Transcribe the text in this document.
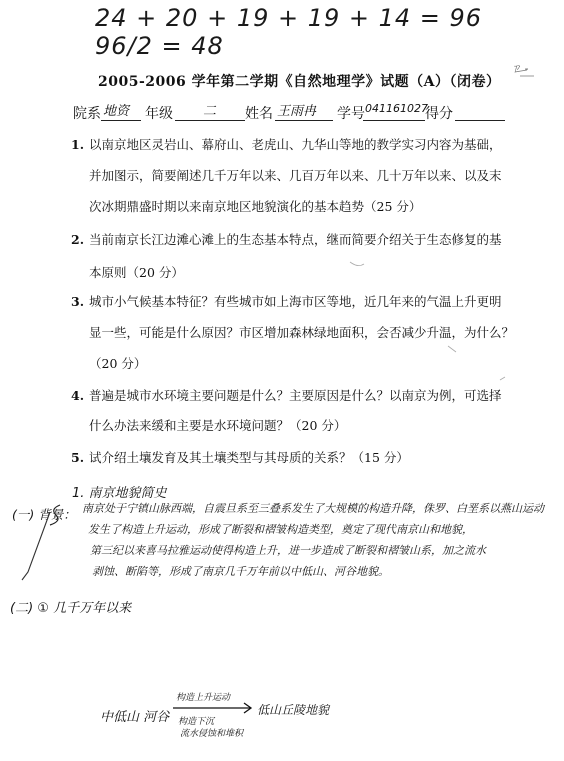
24 + 20 + 19 + 19 + 14 = 96
96/2 = 48
ㄗ -
2005-2006 学年第二学期《自然地理学》试题（A）（闭卷）
院系 地资 年级 二 姓名 王雨冉 学号 041161027
得分
1. 以南京地区灵岩山、幕府山、老虎山、九华山等地的教学实习内容为基础，
并加图示，简要阐述几千万年以来、几百万年以来、几十万年以来、以及末
次冰期鼎盛时期以来南京地区地貌演化的基本趋势（25 分）
2. 当前南京长江边滩心滩上的生态基本特点，继而简要介绍关于生态修复的基
本原则（20 分）
3. 城市小气候基本特征？有些城市如上海市区等地，近几年来的气温上升更明
显一些，可能是什么原因？市区增加森林绿地面积，会否减少升温，为什么？
（20 分）
4. 普遍是城市水环境主要问题是什么？主要原因是什么？以南京为例，可选择
什么办法来缓和主要是水环境问题？（20 分）
5. 试介绍土壤发育及其土壤类型与其母质的关系？（15 分）
1. 南京地貌简史
(一) 背景： 南京处于宁镇山脉西端，自震旦系至三叠系发生了大规模的构造升降，侏罗、白垩系以燕山运动
发生了构造上升运动，形成了断裂和褶皱构造类型，奠定了现代南京山和地貌，
第三纪以来喜马拉雅运动使得构造上升，进一步造成了断裂和褶皱山系，加之流水
剥蚀、断陷等，形成了南京几千万年前以中低山、河谷地貌。
(二) ① 几千万年以来
中低山 河谷
构造上升运动
构造下沉
流水侵蚀和堆积
低山丘陵地貌
